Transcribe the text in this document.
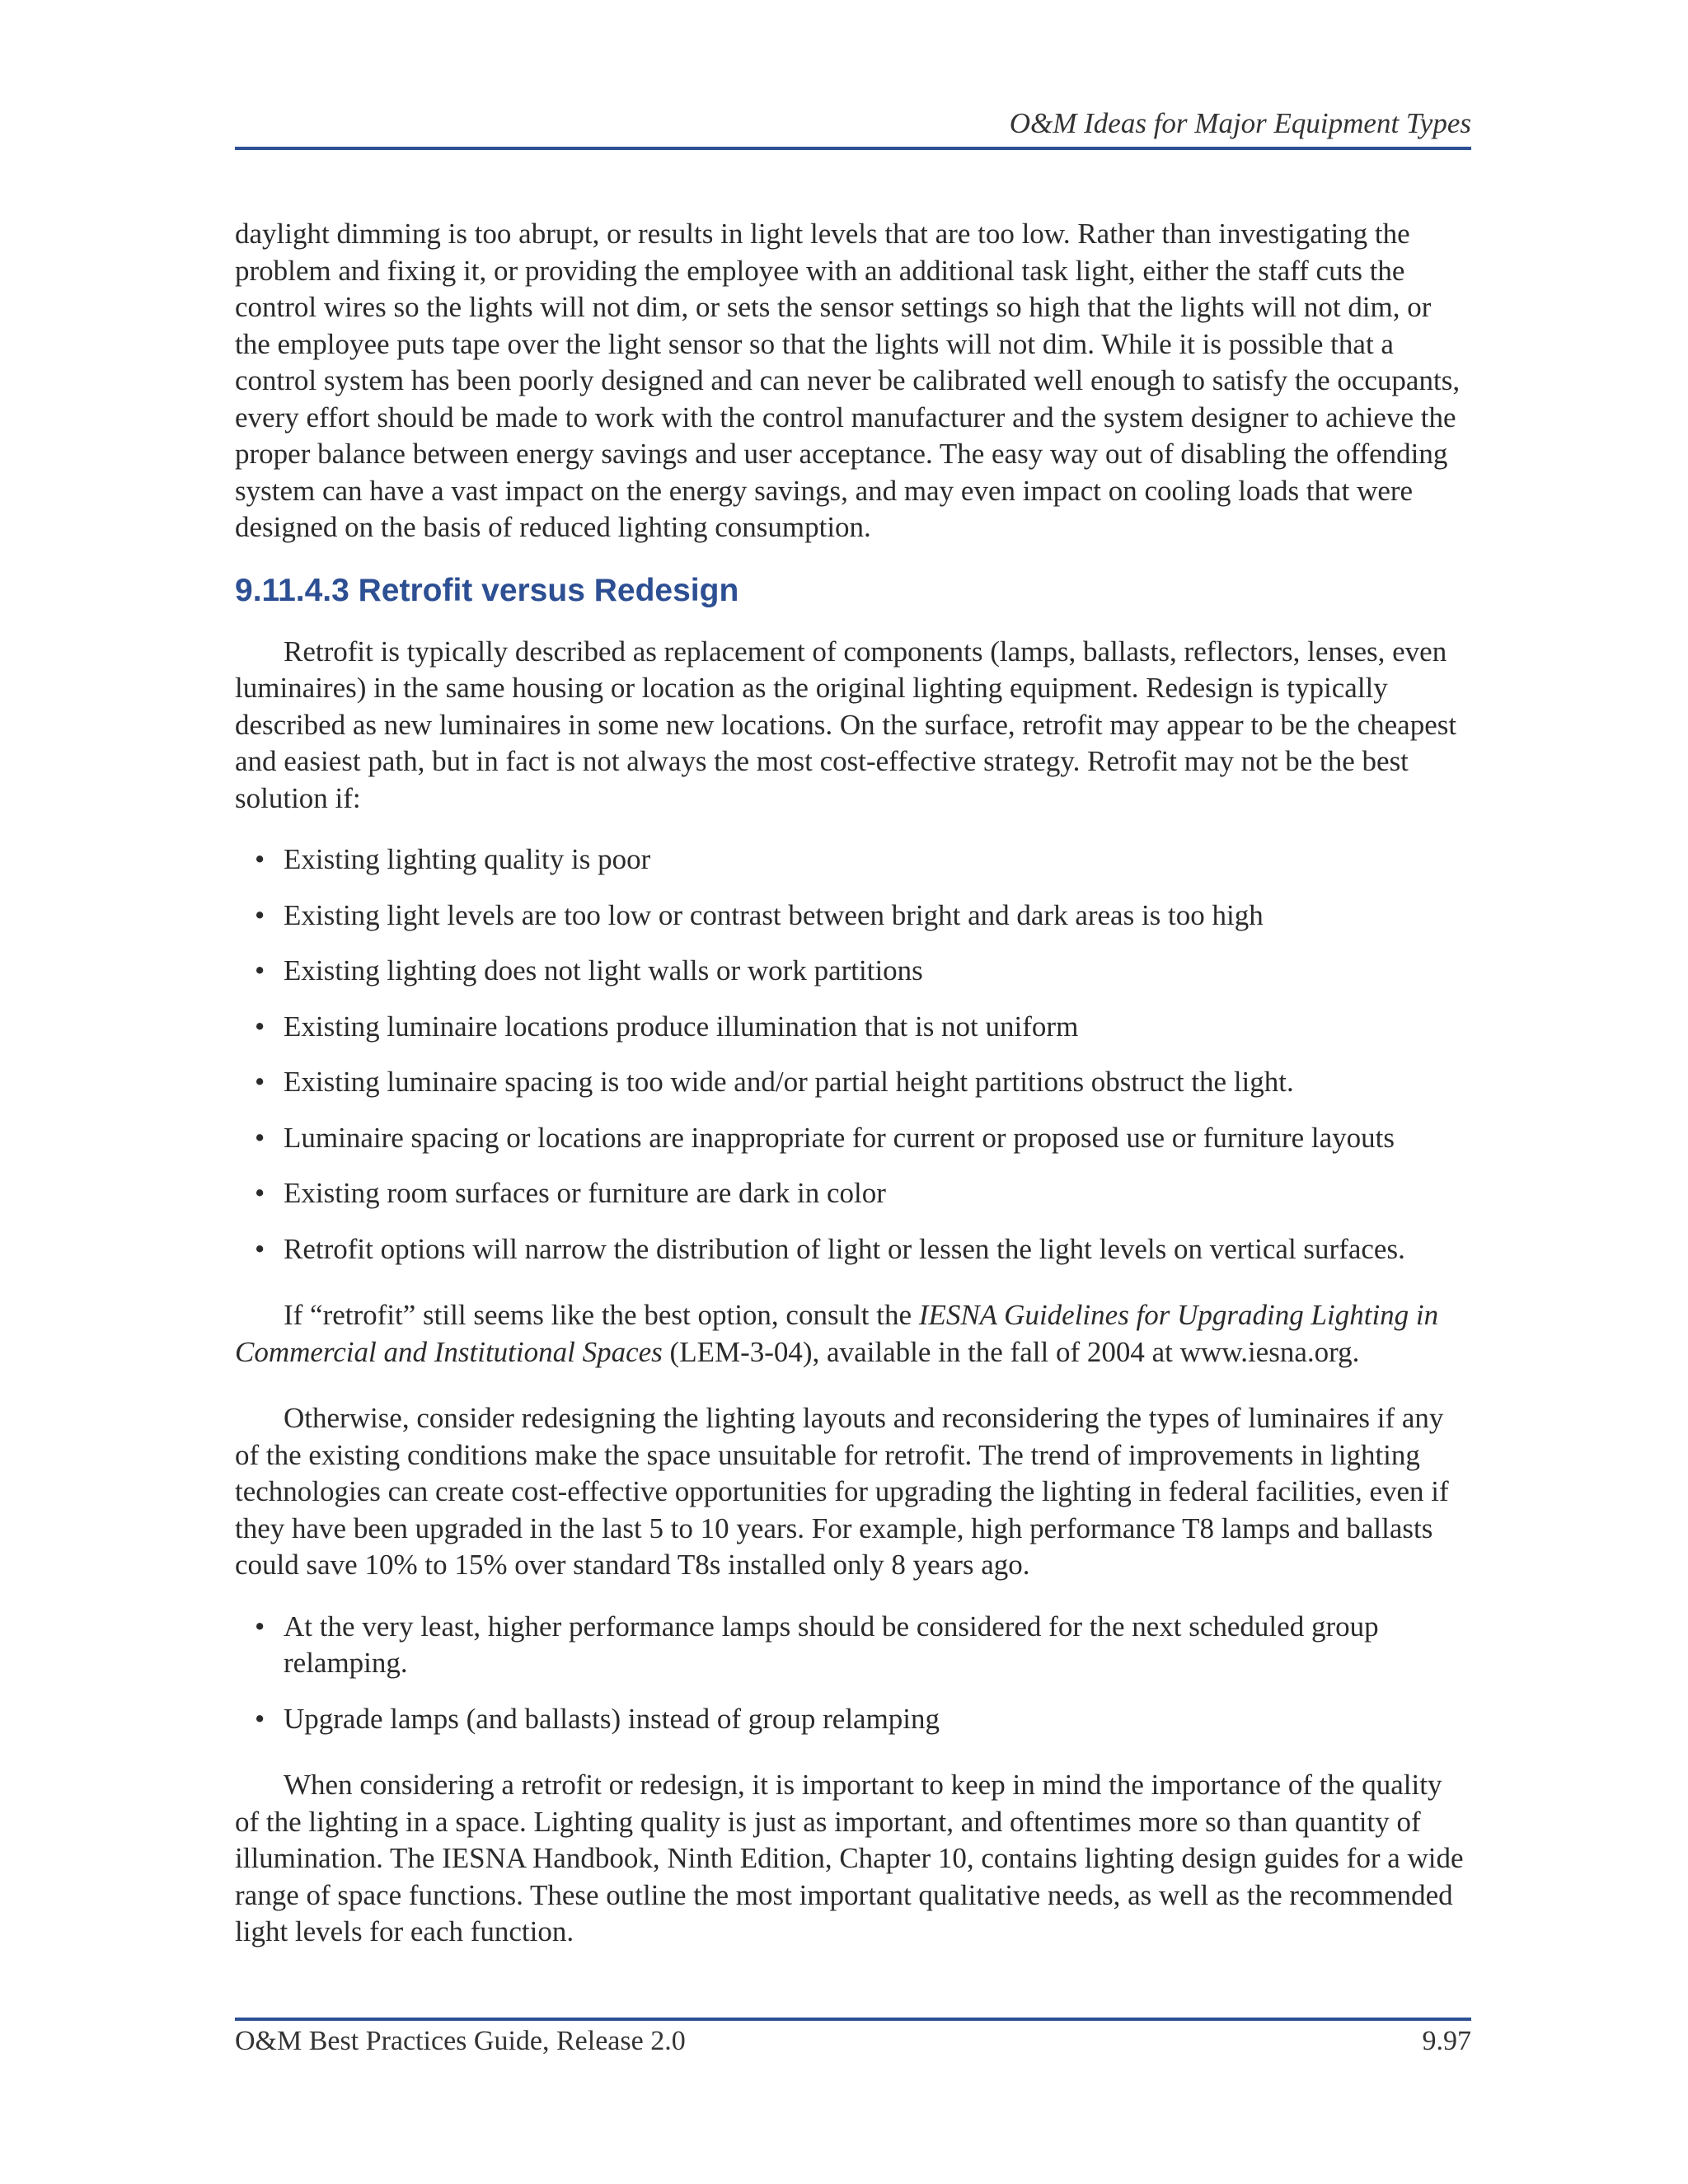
O&M Ideas for Major Equipment Types

daylight dimming is too abrupt, or results in light levels that are too low. Rather than investigating the problem and fixing it, or providing the employee with an additional task light, either the staff cuts the control wires so the lights will not dim, or sets the sensor settings so high that the lights will not dim, or the employee puts tape over the light sensor so that the lights will not dim. While it is possible that a control system has been poorly designed and can never be calibrated well enough to satisfy the occupants, every effort should be made to work with the control manufacturer and the system designer to achieve the proper balance between energy savings and user acceptance. The easy way out of disabling the offending system can have a vast impact on the energy savings, and may even impact on cooling loads that were designed on the basis of reduced lighting consumption.

9.11.4.3 Retrofit versus Redesign

Retrofit is typically described as replacement of components (lamps, ballasts, reflectors, lenses, even luminaires) in the same housing or location as the original lighting equipment. Redesign is typically described as new luminaires in some new locations. On the surface, retrofit may appear to be the cheapest and easiest path, but in fact is not always the most cost-effective strategy. Retrofit may not be the best solution if:

• Existing lighting quality is poor
• Existing light levels are too low or contrast between bright and dark areas is too high
• Existing lighting does not light walls or work partitions
• Existing luminaire locations produce illumination that is not uniform
• Existing luminaire spacing is too wide and/or partial height partitions obstruct the light.
• Luminaire spacing or locations are inappropriate for current or proposed use or furniture layouts
• Existing room surfaces or furniture are dark in color
• Retrofit options will narrow the distribution of light or lessen the light levels on vertical surfaces.

If “retrofit” still seems like the best option, consult the IESNA Guidelines for Upgrading Lighting in Commercial and Institutional Spaces (LEM-3-04), available in the fall of 2004 at www.iesna.org.

Otherwise, consider redesigning the lighting layouts and reconsidering the types of luminaires if any of the existing conditions make the space unsuitable for retrofit. The trend of improvements in lighting technologies can create cost-effective opportunities for upgrading the lighting in federal facilities, even if they have been upgraded in the last 5 to 10 years. For example, high performance T8 lamps and ballasts could save 10% to 15% over standard T8s installed only 8 years ago.

• At the very least, higher performance lamps should be considered for the next scheduled group relamping.
• Upgrade lamps (and ballasts) instead of group relamping

When considering a retrofit or redesign, it is important to keep in mind the importance of the quality of the lighting in a space. Lighting quality is just as important, and oftentimes more so than quantity of illumination. The IESNA Handbook, Ninth Edition, Chapter 10, contains lighting design guides for a wide range of space functions. These outline the most important qualitative needs, as well as the recommended light levels for each function.

O&M Best Practices Guide, Release 2.0	9.97
